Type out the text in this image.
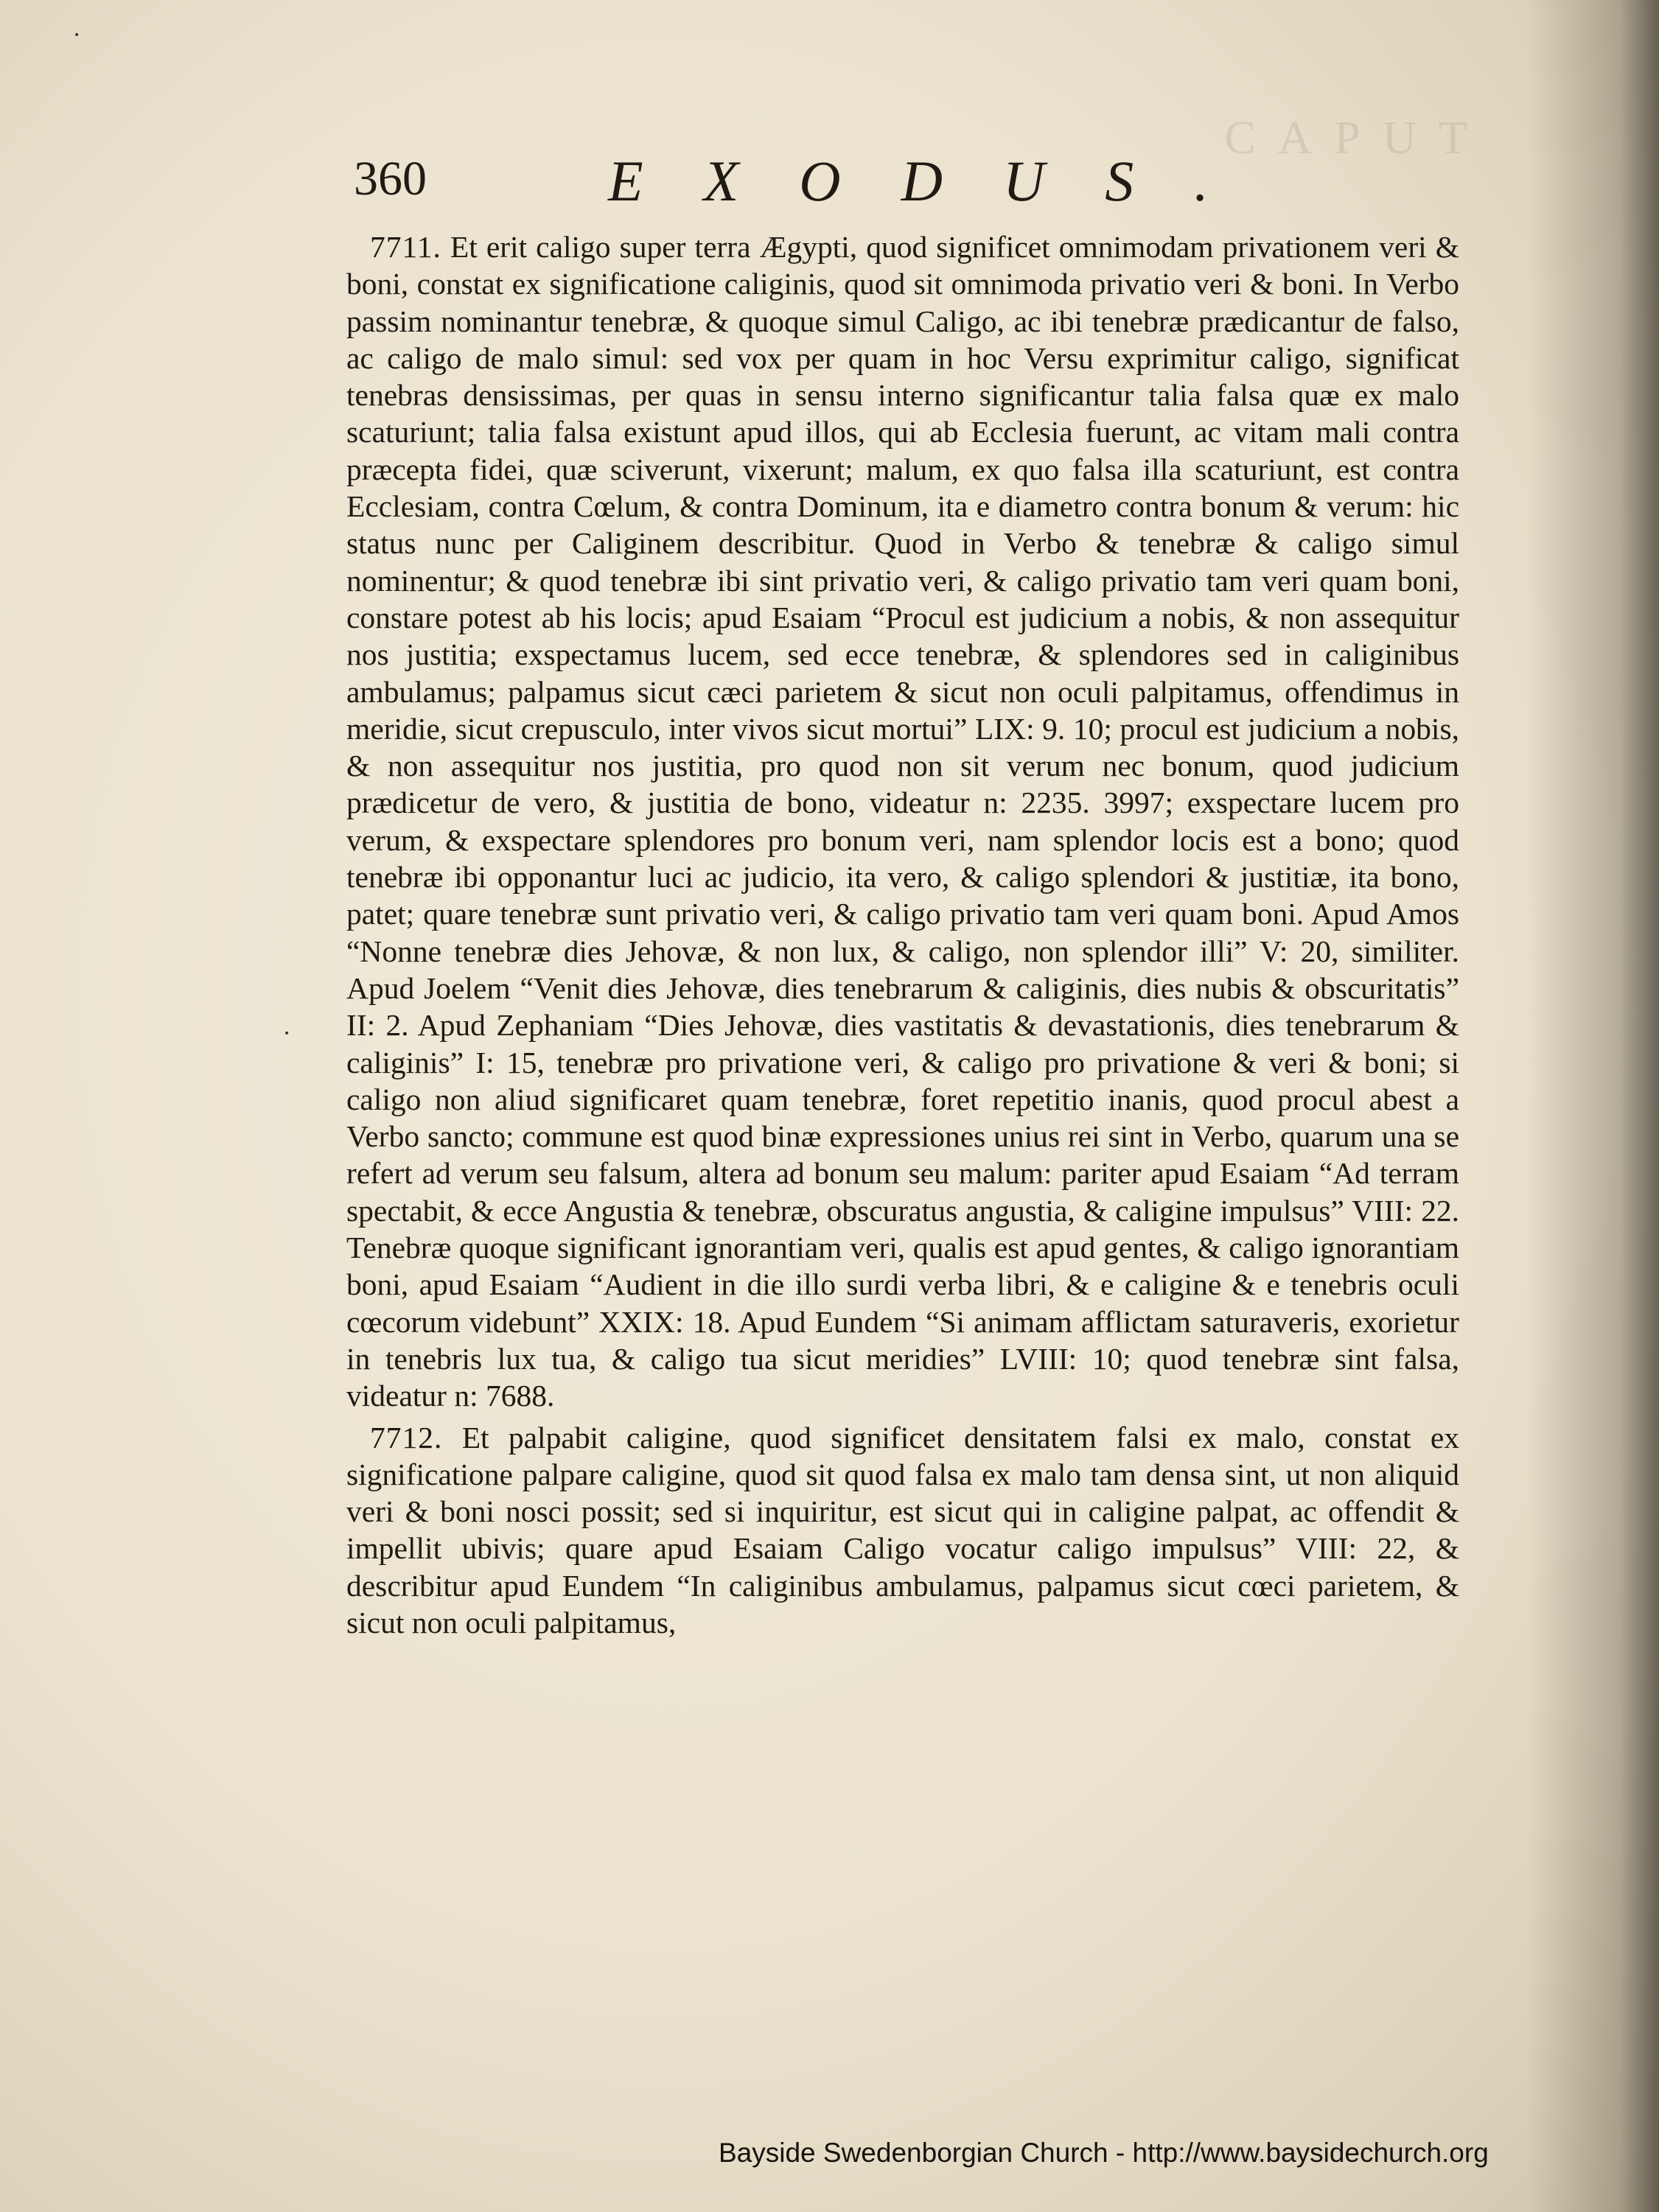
CAPUT
360	EXODUS.

7711. Et erit caligo super terra Ægypti, quod significet omnimodam privationem veri & boni, constat ex significatione caliginis, quod sit omnimoda privatio veri & boni. In Verbo passim nominantur tenebræ, & quoque simul Caligo, ac ibi tenebræ prædicantur de falso, ac caligo de malo simul: sed vox per quam in hoc Versu exprimitur caligo, significat tenebras densissimas, per quas in sensu interno significantur talia falsa quæ ex malo scaturiunt; talia falsa existunt apud illos, qui ab Ecclesia fuerunt, ac vitam mali contra præcepta fidei, quæ sciverunt, vixerunt; malum, ex quo falsa illa scaturiunt, est contra Ecclesiam, contra Cœlum, & contra Dominum, ita e diametro contra bonum & verum: hic status nunc per Caliginem describitur. Quod in Verbo & tenebræ & caligo simul nominentur; & quod tenebræ ibi sint privatio veri, & caligo privatio tam veri quam boni, constare potest ab his locis; apud Esaiam “Procul est judicium a nobis, & non assequitur nos justitia; exspectamus lucem, sed ecce tenebræ, & splendores sed in caliginibus ambulamus; palpamus sicut cæci parietem & sicut non oculi palpitamus, offendimus in meridie, sicut crepusculo, inter vivos sicut mortui” LIX: 9. 10; procul est judicium a nobis, & non assequitur nos justitia, pro quod non sit verum nec bonum, quod judicium prædicetur de vero, & justitia de bono, videatur n: 2235. 3997; exspectare lucem pro verum, & exspectare splendores pro bonum veri, nam splendor locis est a bono; quod tenebræ ibi opponantur luci ac judicio, ita vero, & caligo splendori & justitiæ, ita bono, patet; quare tenebræ sunt privatio veri, & caligo privatio tam veri quam boni. Apud Amos “Nonne tenebræ dies Jehovæ, & non lux, & caligo, non splendor illi” V: 20, similiter. Apud Joelem “Venit dies Jehovæ, dies tenebrarum & caliginis, dies nubis & obscuritatis” II: 2. Apud Zephaniam “Dies Jehovæ, dies vastitatis & devastationis, dies tenebrarum & caliginis” I: 15, tenebræ pro privatione veri, & caligo pro privatione & veri & boni; si caligo non aliud significaret quam tenebræ, foret repetitio inanis, quod procul abest a Verbo sancto; commune est quod binæ expressiones unius rei sint in Verbo, quarum una se refert ad verum seu falsum, altera ad bonum seu malum: pariter apud Esaiam “Ad terram spectabit, & ecce Angustia & tenebræ, obscuratus angustia, & caligine impulsus” VIII: 22. Tenebræ quoque significant ignorantiam veri, qualis est apud gentes, & caligo ignorantiam boni, apud Esaiam “Audient in die illo surdi verba libri, & e caligine & e tenebris oculi cœcorum videbunt” XXIX: 18. Apud Eundem “Si animam afflictam saturaveris, exorietur in tenebris lux tua, & caligo tua sicut meridies” LVIII: 10; quod tenebræ sint falsa, videatur n: 7688.

7712. Et palpabit caligine, quod significet densitatem falsi ex malo, constat ex significatione palpare caligine, quod sit quod falsa ex malo tam densa sint, ut non aliquid veri & boni nosci possit; sed si inquiritur, est sicut qui in caligine palpat, ac offendit & impellit ubivis; quare apud Esaiam Caligo vocatur caligo impulsus” VIII: 22, & describitur apud Eundem “In caliginibus ambulamus, palpamus sicut cœci parietem, & sicut non oculi palpitamus,

•
•
Bayside Swedenborgian Church - http://www.baysidechurch.org
